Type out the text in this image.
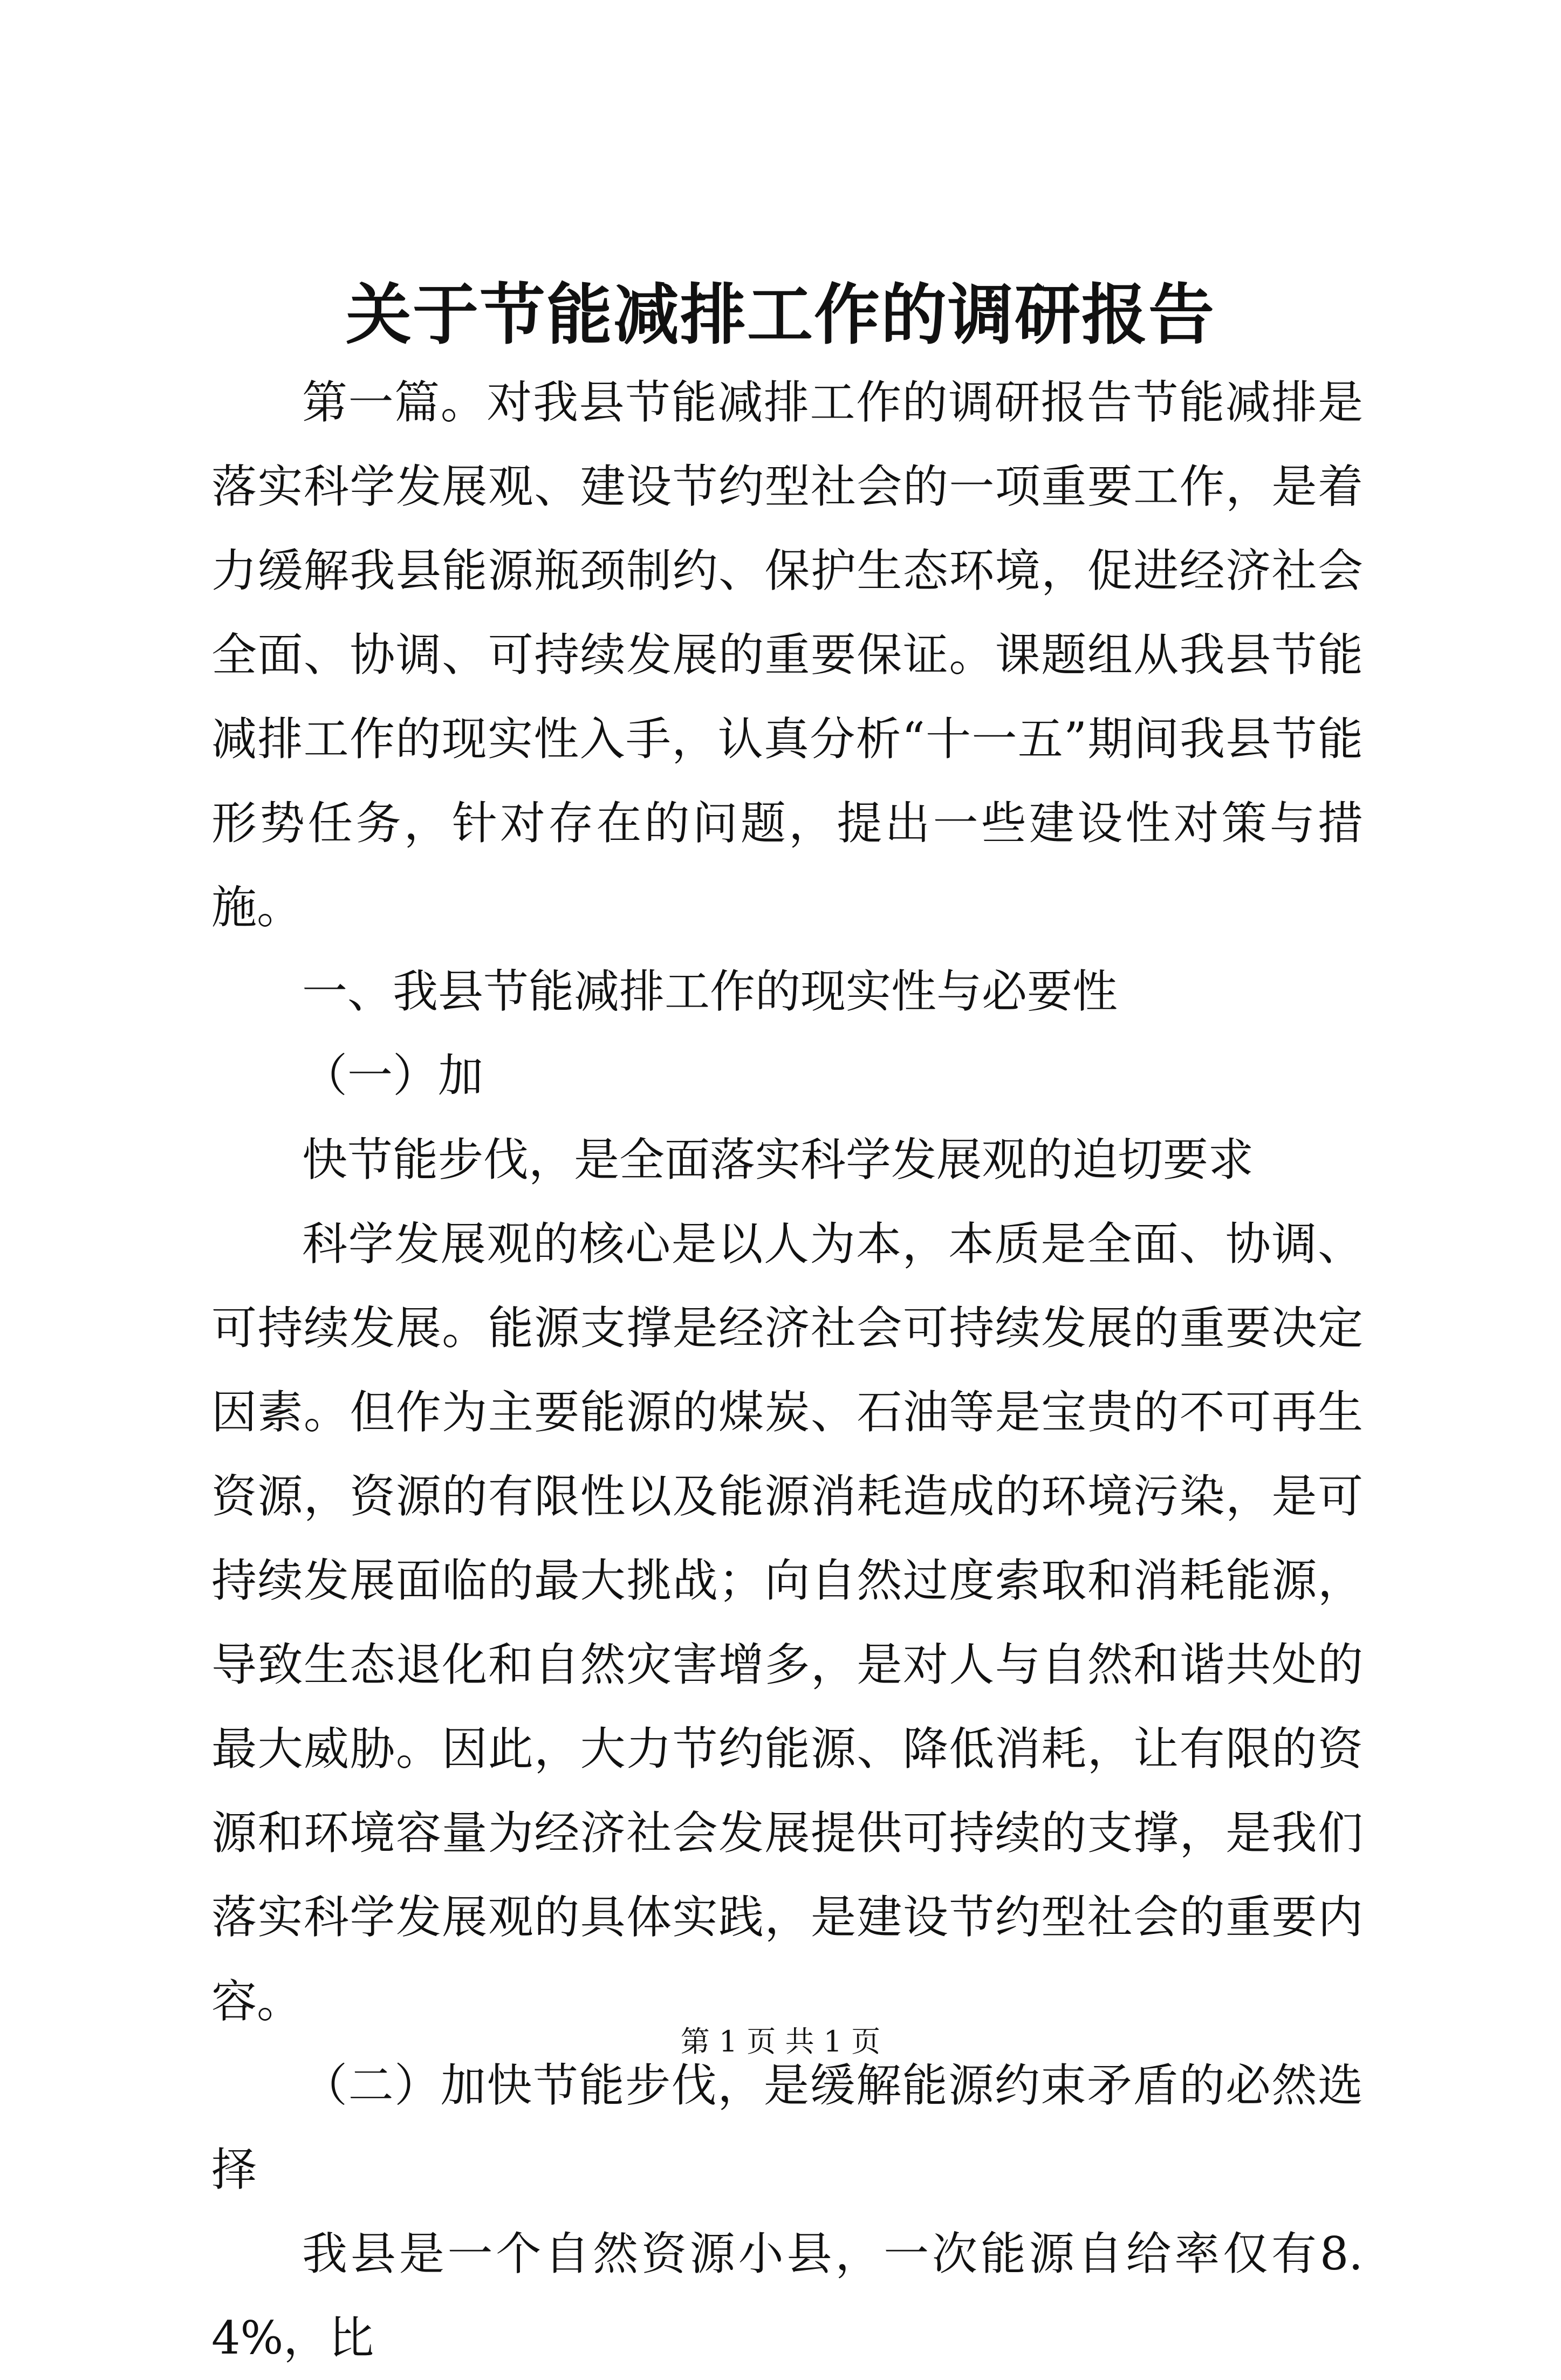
关于节能减排工作的调研报告

第一篇。对我县节能减排工作的调研报告节能减排是落实科学发展观、建设节约型社会的一项重要工作，是着力缓解我县能源瓶颈制约、保护生态环境，促进经济社会全面、协调、可持续发展的重要保证。课题组从我县节能减排工作的现实性入手，认真分析“十一五”期间我县节能形势任务，针对存在的问题，提出一些建设性对策与措施。

一、我县节能减排工作的现实性与必要性

（一）加

快节能步伐，是全面落实科学发展观的迫切要求

科学发展观的核心是以人为本，本质是全面、协调、可持续发展。能源支撑是经济社会可持续发展的重要决定因素。但作为主要能源的煤炭、石油等是宝贵的不可再生资源，资源的有限性以及能源消耗造成的环境污染，是可持续发展面临的最大挑战；向自然过度索取和消耗能源，导致生态退化和自然灾害增多，是对人与自然和谐共处的最大威胁。因此，大力节约能源、降低消耗，让有限的资源和环境容量为经济社会发展提供可持续的支撑，是我们落实科学发展观的具体实践，是建设节约型社会的重要内容。

（二）加快节能步伐，是缓解能源约束矛盾的必然选择

我县是一个自然资源小县，一次能源自给率仅有8.4%，比

第 1 页 共 1 页
